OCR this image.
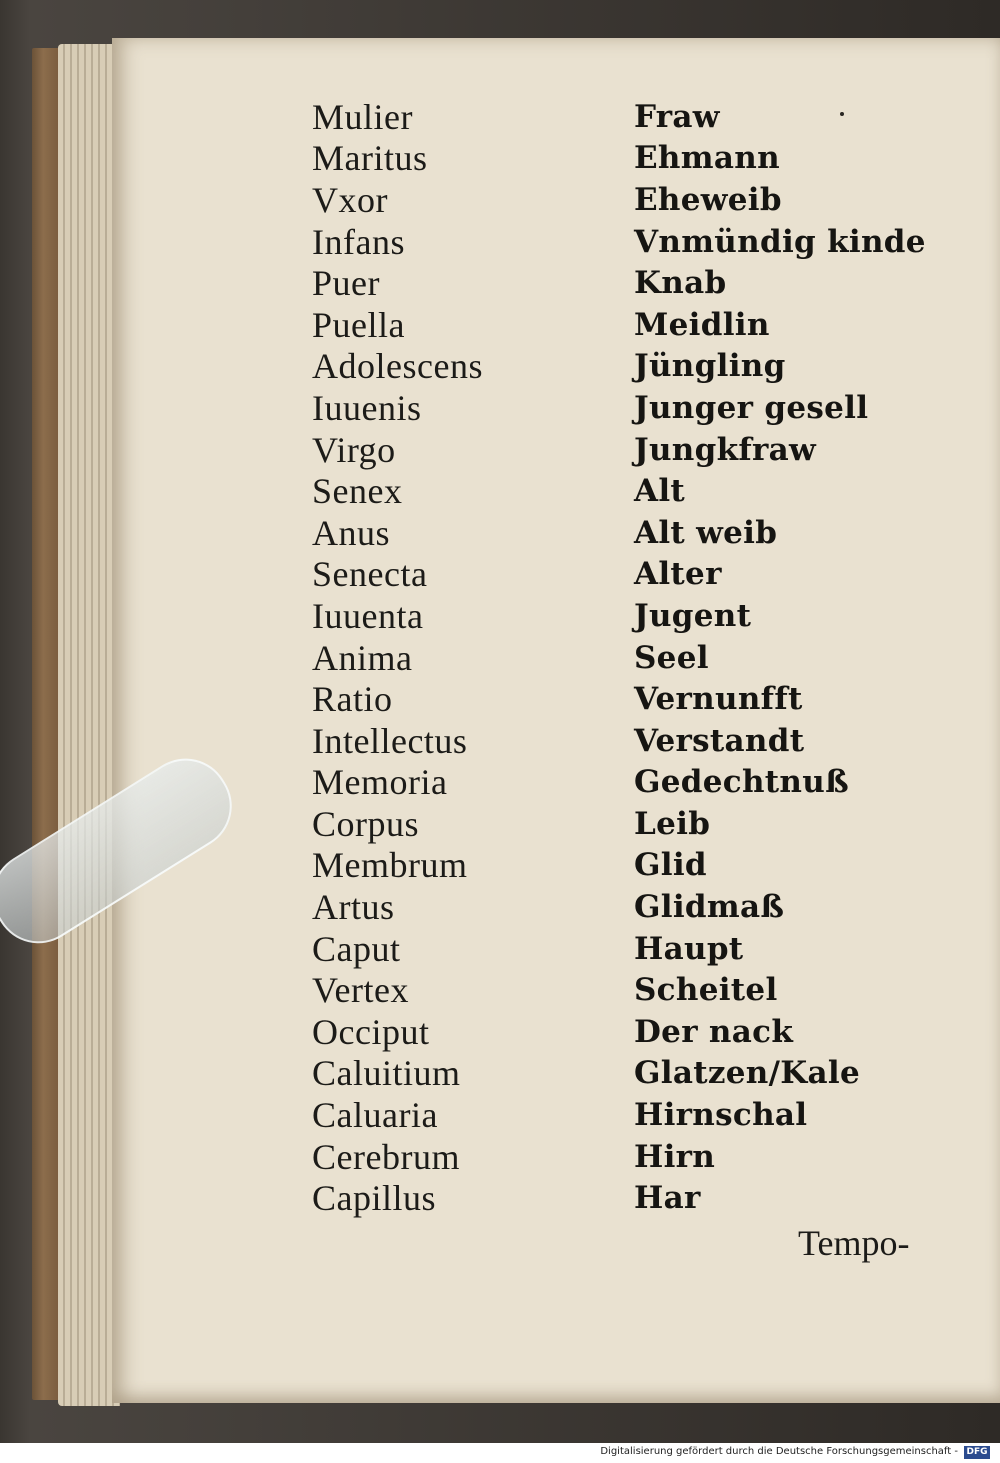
Mulier	Fraw
Maritus	Ehmann
Vxor	Eheweib
Infans	Vnmündig kinde
Puer	Knab
Puella	Meidlin
Adolescens	Jüngling
Iuuenis	Junger gesell
Virgo	Jungkfraw
Senex	Alt
Anus	Alt weib
Senecta	Alter
Iuuenta	Jugent
Anima	Seel
Ratio	Vernunfft
Intellectus	Verstandt
Memoria	Gedechtnuß
Corpus	Leib
Membrum	Glid
Artus	Glidmaß
Caput	Haupt
Vertex	Scheitel
Occiput	Der nack
Caluitium	Glatzen/Kale
Caluaria	Hirnschal
Cerebrum	Hirn
Capillus	Har
Tempo-
Digitalisierung gefördert durch die Deutsche Forschungsgemeinschaft - DFG
